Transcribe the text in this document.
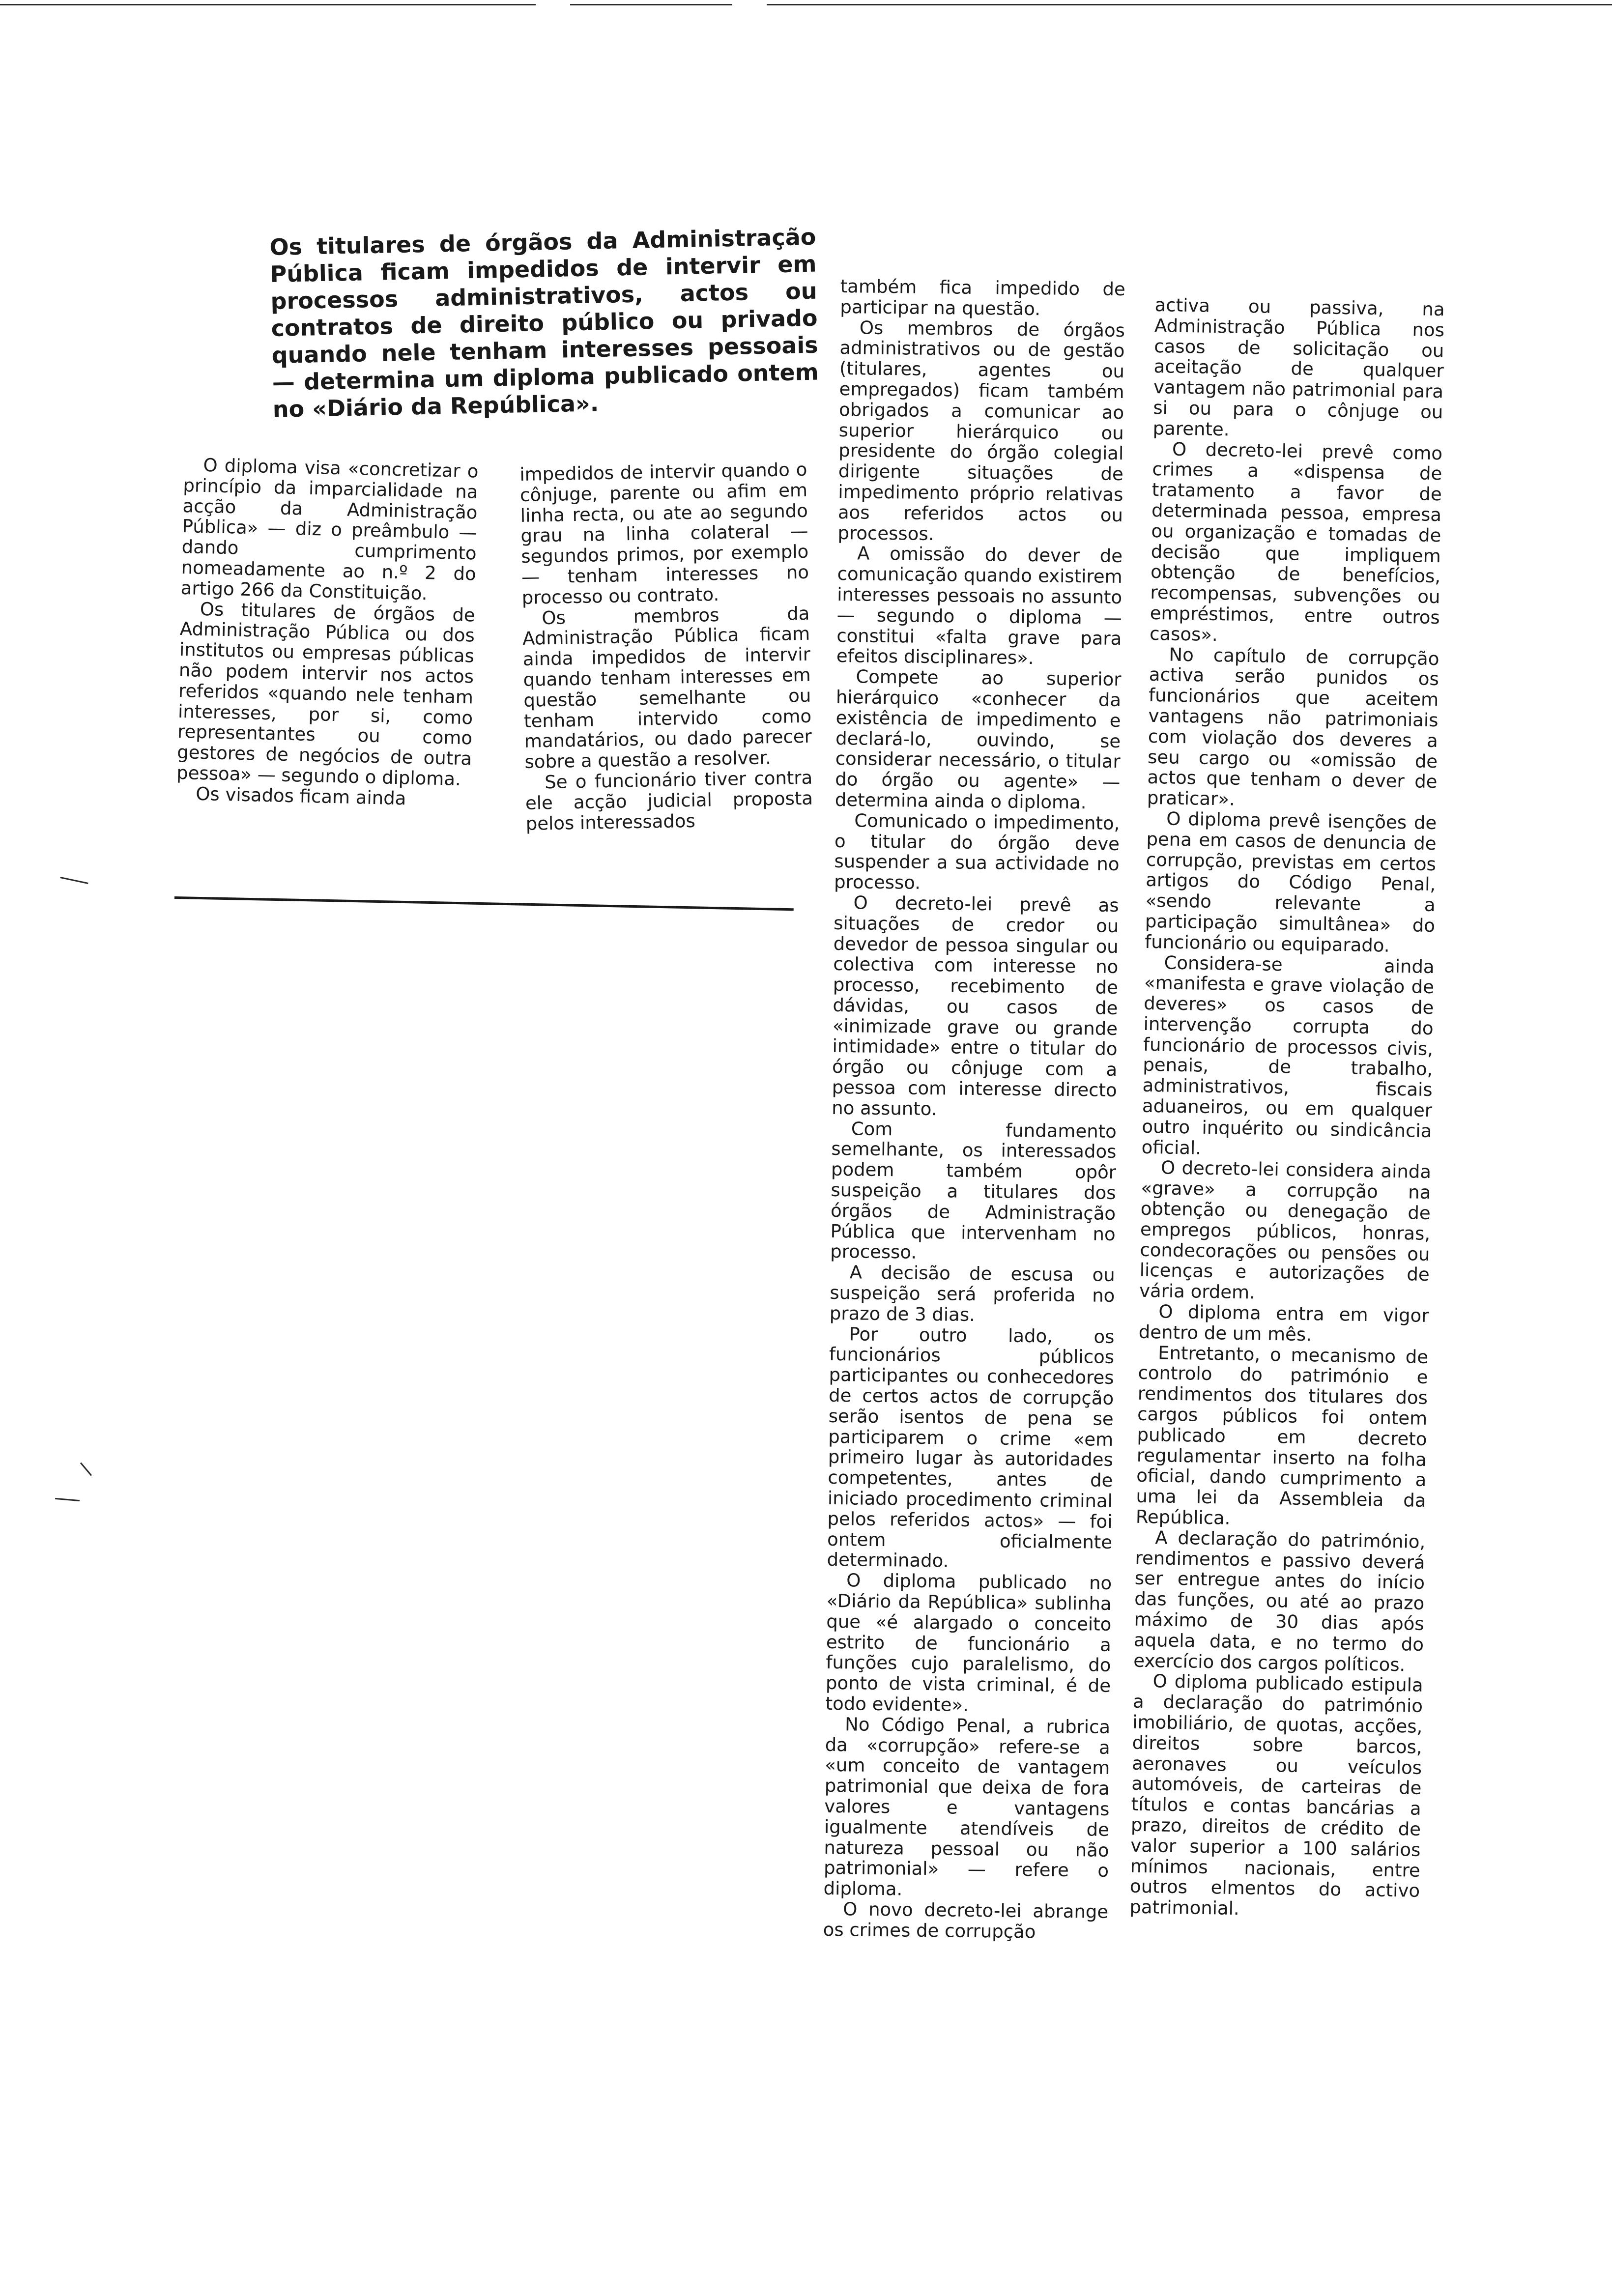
Os titulares de órgãos da Administração Pública ficam impedidos de intervir em processos administrativos, actos ou contratos de direito público ou privado quando nele tenham interesses pessoais — determina um diploma publicado ontem no «Diário da República».

O diploma visa «concretizar o princípio da imparcialidade na acção da Administração Pública» — diz o preâmbulo — dando cumprimento nomeadamente ao n.º 2 do artigo 266 da Constituição.

Os titulares de órgãos de Administração Pública ou dos institutos ou empresas públicas não podem intervir nos actos referidos «quando nele tenham interesses, por si, como representantes ou como gestores de negócios de outra pessoa» — segundo o diploma.

Os visados ficam ainda

impedidos de intervir quando o cônjuge, parente ou afim em linha recta, ou ate ao segundo grau na linha colateral — segundos primos, por exemplo — tenham interesses no processo ou contrato.

Os membros da Administração Pública ficam ainda impedidos de intervir quando tenham interesses em questão semelhante ou tenham intervido como mandatários, ou dado parecer sobre a questão a resolver.

Se o funcionário tiver contra ele acção judicial proposta pelos interessados

também fica impedido de participar na questão.

Os membros de órgãos administrativos ou de gestão (titulares, agentes ou empregados) ficam também obrigados a comunicar ao superior hierárquico ou presidente do órgão colegial dirigente situações de impedimento próprio relativas aos referidos actos ou processos.

A omissão do dever de comunicação quando existirem interesses pessoais no assunto — segundo o diploma — constitui «falta grave para efeitos disciplinares».

Compete ao superior hierárquico «conhecer da existência de impedimento e declará-lo, ouvindo, se considerar necessário, o titular do órgão ou agente» — determina ainda o diploma.

Comunicado o impedimento, o titular do órgão deve suspender a sua actividade no processo.

O decreto-lei prevê as situações de credor ou devedor de pessoa singular ou colectiva com interesse no processo, recebimento de dávidas, ou casos de «inimizade grave ou grande intimidade» entre o titular do órgão ou cônjuge com a pessoa com interesse directo no assunto.

Com fundamento semelhante, os interessados podem também opôr suspeição a titulares dos órgãos de Administração Pública que intervenham no processo.

A decisão de escusa ou suspeição será proferida no prazo de 3 dias.

Por outro lado, os funcionários públicos participantes ou conhecedores de certos actos de corrupção serão isentos de pena se participarem o crime «em primeiro lugar às autoridades competentes, antes de iniciado procedimento criminal pelos referidos actos» — foi ontem oficialmente determinado.

O diploma publicado no «Diário da República» sublinha que «é alargado o conceito estrito de funcionário a funções cujo paralelismo, do ponto de vista criminal, é de todo evidente».

No Código Penal, a rubrica da «corrupção» refere-se a «um conceito de vantagem patrimonial que deixa de fora valores e vantagens igualmente atendíveis de natureza pessoal ou não patrimonial» — refere o diploma.

O novo decreto-lei abrange os crimes de corrupção

activa ou passiva, na Administração Pública nos casos de solicitação ou aceitação de qualquer vantagem não patrimonial para si ou para o cônjuge ou parente.

O decreto-lei prevê como crimes a «dispensa de tratamento a favor de determinada pessoa, empresa ou organização e tomadas de decisão que impliquem obtenção de benefícios, recompensas, subvenções ou empréstimos, entre outros casos».

No capítulo de corrupção activa serão punidos os funcionários que aceitem vantagens não patrimoniais com violação dos deveres a seu cargo ou «omissão de actos que tenham o dever de praticar».

O diploma prevê isenções de pena em casos de denuncia de corrupção, previstas em certos artigos do Código Penal, «sendo relevante a participação simultânea» do funcionário ou equiparado.

Considera-se ainda «manifesta e grave violação de deveres» os casos de intervenção corrupta do funcionário de processos civis, penais, de trabalho, administrativos, fiscais aduaneiros, ou em qualquer outro inquérito ou sindicância oficial.

O decreto-lei considera ainda «grave» a corrupção na obtenção ou denegação de empregos públicos, honras, condecorações ou pensões ou licenças e autorizações de vária ordem.

O diploma entra em vigor dentro de um mês.

Entretanto, o mecanismo de controlo do património e rendimentos dos titulares dos cargos públicos foi ontem publicado em decreto regulamentar inserto na folha oficial, dando cumprimento a uma lei da Assembleia da República.

A declaração do património, rendimentos e passivo deverá ser entregue antes do início das funções, ou até ao prazo máximo de 30 dias após aquela data, e no termo do exercício dos cargos políticos.

O diploma publicado estipula a declaração do património imobiliário, de quotas, acções, direitos sobre barcos, aeronaves ou veículos automóveis, de carteiras de títulos e contas bancárias a prazo, direitos de crédito de valor superior a 100 salários mínimos nacionais, entre outros elmentos do activo patrimonial.
